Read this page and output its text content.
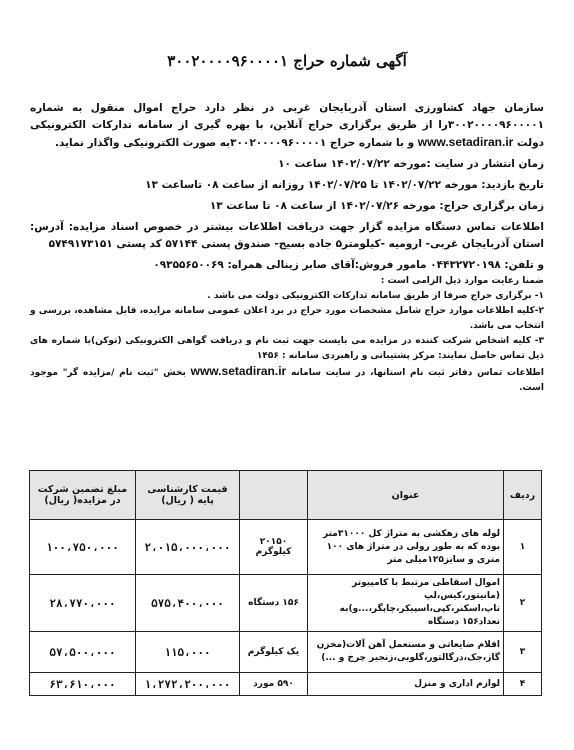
آگهی شماره حراج ۳۰۰۲۰۰۰۰۹۶۰۰۰۰۱

سازمان جهاد کشاورزی استان آذربایجان غربی در نظر دارد حراج اموال منقول به شماره ۳۰۰۲۰۰۰۰۹۶۰۰۰۰۱را از طریق برگزاری حراج آنلاین، با بهره گیری از سامانه تدارکات الکترونیکی دولت www.setadiran.ir و با شماره حراج ۳۰۰۲۰۰۰۰۹۶۰۰۰۰۱به صورت الکترونیکی واگذار نماید.

زمان انتشار در سایت :مورخه ۱۴۰۲/۰۷/۲۲ ساعت ۱۰

تاریخ بازدید: مورخه ۱۴۰۲/۰۷/۲۲ تا ۱۴۰۲/۰۷/۲۵ روزانه از ساعت ۰۸ تاساعت ۱۳

زمان برگزاری حراج: مورخه ۱۴۰۲/۰۷/۲۶ از ساعت ۰۸ تا ساعت ۱۳

اطلاعات تماس دستگاه مزایده گزار جهت دریافت اطلاعات بیشتر در خصوص اسناد مزایده: آدرس: استان آذربایجان غربی- ارومیه -کیلومتر۵ جاده بسیج- صندوق پستی ۵۷۱۴۴ کد پستی ۵۷۴۹۱۷۳۱۵۱

و تلفن: ۰۴۴۳۲۷۲۰۱۹۸ مامور فروش:آقای صابر زینالی همراه: ۰۹۳۵۵۶۵۰۰۶۹

ضمنا رعایت موارد ذیل الزامی است :

۱- برگزاری حراج صرفا از طریق سامانه تدارکات الکترونیکی دولت می باشد .

۲-کلیه اطلاعات موارد حراج شامل مشخصات مورد حراج در برد اعلان عمومی سامانه مزایده، قابل مشاهده، بررسی و انتخاب می باشد.

۳- کلیه اشخاص شرکت کننده در مزایده می بایست جهت ثبت نام و دریافت گواهی الکترونیکی (توکن)با شماره های ذیل تماس حاصل نمایند: مرکز پشتیبانی و راهبردی سامانه : ۱۴۵۶

اطلاعات تماس دفاتر ثبت نام استانها، در سایت سامانه www.setadiran.ir بخش "ثبت نام /مزایده گر" موجود است.

ردیف	عنوان		قیمت کارشناسی پایه ( ریال)	مبلغ تضمین شرکت در مزایده( ریال)
۱	لوله های زهکشی به متراژ کل ۳۱۰۰۰متر بوده که به طور رولی در متراژ های ۱۰۰ متری و سایز۱۲۵میلی متر	۲۰۱۵۰ کیلوگرم	۲،۰۱۵،۰۰۰،۰۰۰	۱۰۰،۷۵۰،۰۰۰
۲	اموال اسقاطی مرتبط با کامپیوتر (مانیتور،کیس،لپ تاپ،اسکنر،کپی،اسپیکر،چاپگر،...و)به تعداد۱۵۶ دستگاه	۱۵۶ دستگاه	۵۷۵،۴۰۰،۰۰۰	۲۸،۷۷۰،۰۰۰
۳	اقلام ضایعاتی و مستعمل آهن آلات(مخزن گاز،جک،درگالتور،گلوبی،زنجیر چرخ و ...)	یک کیلوگرم	۱۱۵،۰۰۰	۵۷،۵۰۰،۰۰۰
۴	لوازم اداری و منزل	۵۹۰ مورد	۱،۲۷۲،۲۰۰،۰۰۰	۶۳،۶۱۰،۰۰۰
